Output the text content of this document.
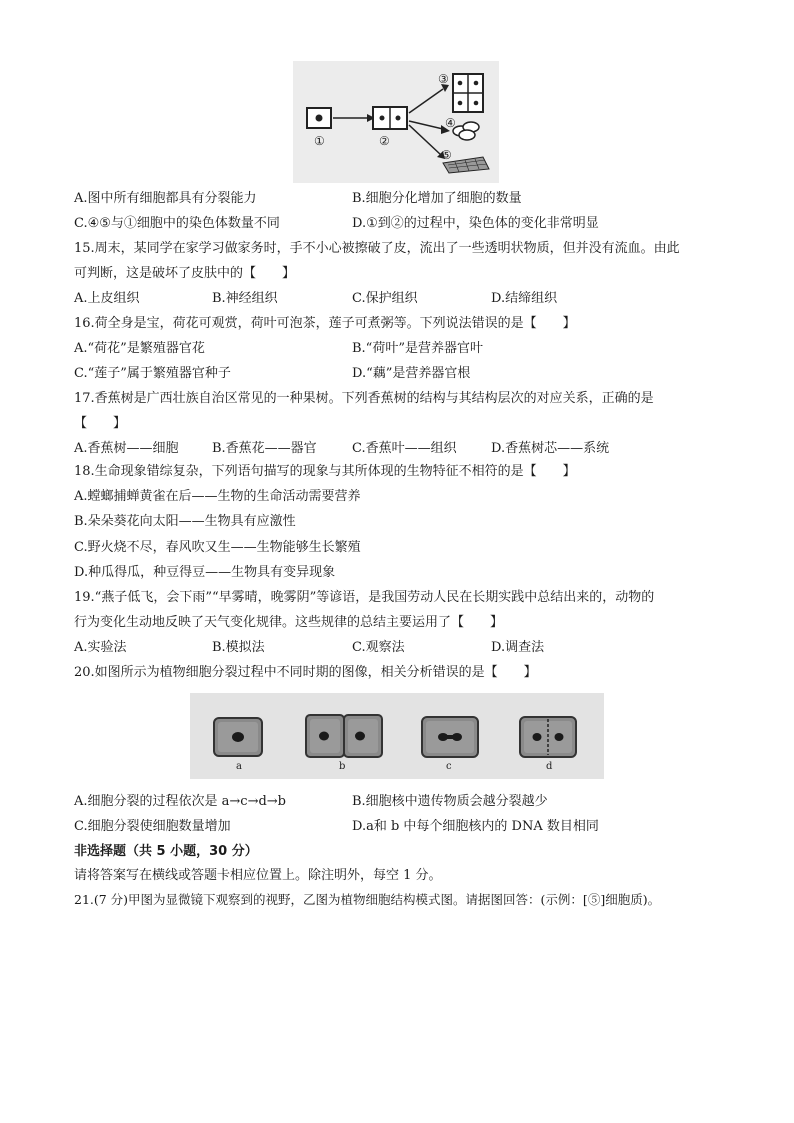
①	②
③
④
⑤
A.图中所有细胞都具有分裂能力	B.细胞分化增加了细胞的数量
C.④⑤与①细胞中的染色体数量不同	D.①到②的过程中，染色体的变化非常明显
15.周末，某同学在家学习做家务时，手不小心被擦破了皮，流出了一些透明状物质，但并没有流血。由此
可判断，这是破坏了皮肤中的【　　】
A.上皮组织	B.神经组织	C.保护组织	D.结缔组织
16.荷全身是宝，荷花可观赏，荷叶可泡茶，莲子可煮粥等。下列说法错误的是【　　】
A.“荷花”是繁殖器官花	B.“荷叶”是营养器官叶
C.“莲子”属于繁殖器官种子	D.“藕”是营养器官根
17.香蕉树是广西壮族自治区常见的一种果树。下列香蕉树的结构与其结构层次的对应关系，正确的是
【　　】
A.香蕉树——细胞	B.香蕉花——器官	C.香蕉叶——组织	D.香蕉树芯——系统
18.生命现象错综复杂，下列语句描写的现象与其所体现的生物特征不相符的是【　　】
A.螳螂捕蝉黄雀在后——生物的生命活动需要营养
B.朵朵葵花向太阳——生物具有应激性
C.野火烧不尽，春风吹又生——生物能够生长繁殖
D.种瓜得瓜，种豆得豆——生物具有变异现象
19.“燕子低飞，会下雨”“早雾晴，晚雾阴”等谚语，是我国劳动人民在长期实践中总结出来的，动物的
行为变化生动地反映了天气变化规律。这些规律的总结主要运用了【　　】
A.实验法	B.模拟法	C.观察法	D.调查法
20.如图所示为植物细胞分裂过程中不同时期的图像，相关分析错误的是【　　】
a	b	c	d
A.细胞分裂的过程依次是 a→c→d→b	B.细胞核中遗传物质会越分裂越少
C.细胞分裂使细胞数量增加	D.a和 b 中每个细胞核内的 DNA 数目相同
非选择题（共 5 小题，30 分）
请将答案写在横线或答题卡相应位置上。除注明外，每空 1 分。
21.(7 分)甲图为显微镜下观察到的视野，乙图为植物细胞结构模式图。请据图回答：(示例：[⑤]细胞质)。
